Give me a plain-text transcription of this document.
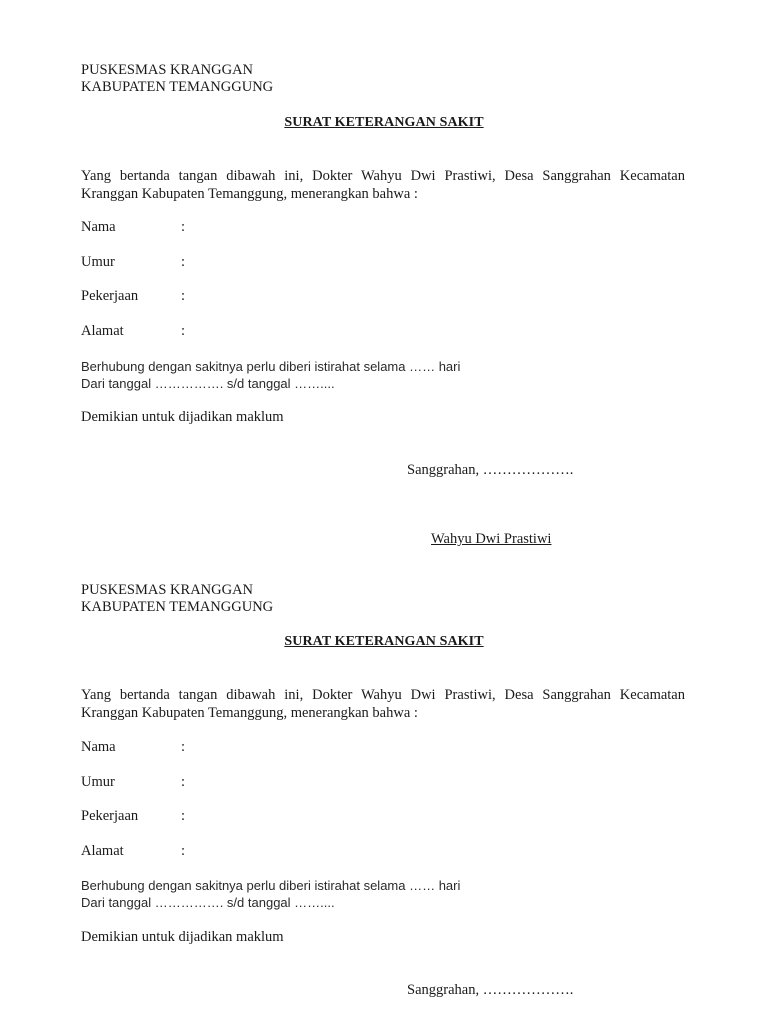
PUSKESMAS KRANGGAN
KABUPATEN TEMANGGUNG
SURAT KETERANGAN SAKIT
Yang bertanda tangan dibawah ini, Dokter Wahyu Dwi Prastiwi, Desa Sanggrahan Kecamatan Kranggan Kabupaten Temanggung, menerangkan bahwa :
Nama	:
Umur	:
Pekerjaan	:
Alamat	:
Berhubung dengan sakitnya perlu diberi istirahat selama …… hari
Dari tanggal ……………. s/d tanggal ……....
Demikian untuk dijadikan maklum
Sanggrahan, ……………….
Wahyu Dwi Prastiwi
PUSKESMAS KRANGGAN
KABUPATEN TEMANGGUNG
SURAT KETERANGAN SAKIT
Yang bertanda tangan dibawah ini, Dokter Wahyu Dwi Prastiwi, Desa Sanggrahan Kecamatan Kranggan Kabupaten Temanggung, menerangkan bahwa :
Nama	:
Umur	:
Pekerjaan	:
Alamat	:
Berhubung dengan sakitnya perlu diberi istirahat selama …… hari
Dari tanggal ……………. s/d tanggal ……....
Demikian untuk dijadikan maklum
Sanggrahan, ……………….
